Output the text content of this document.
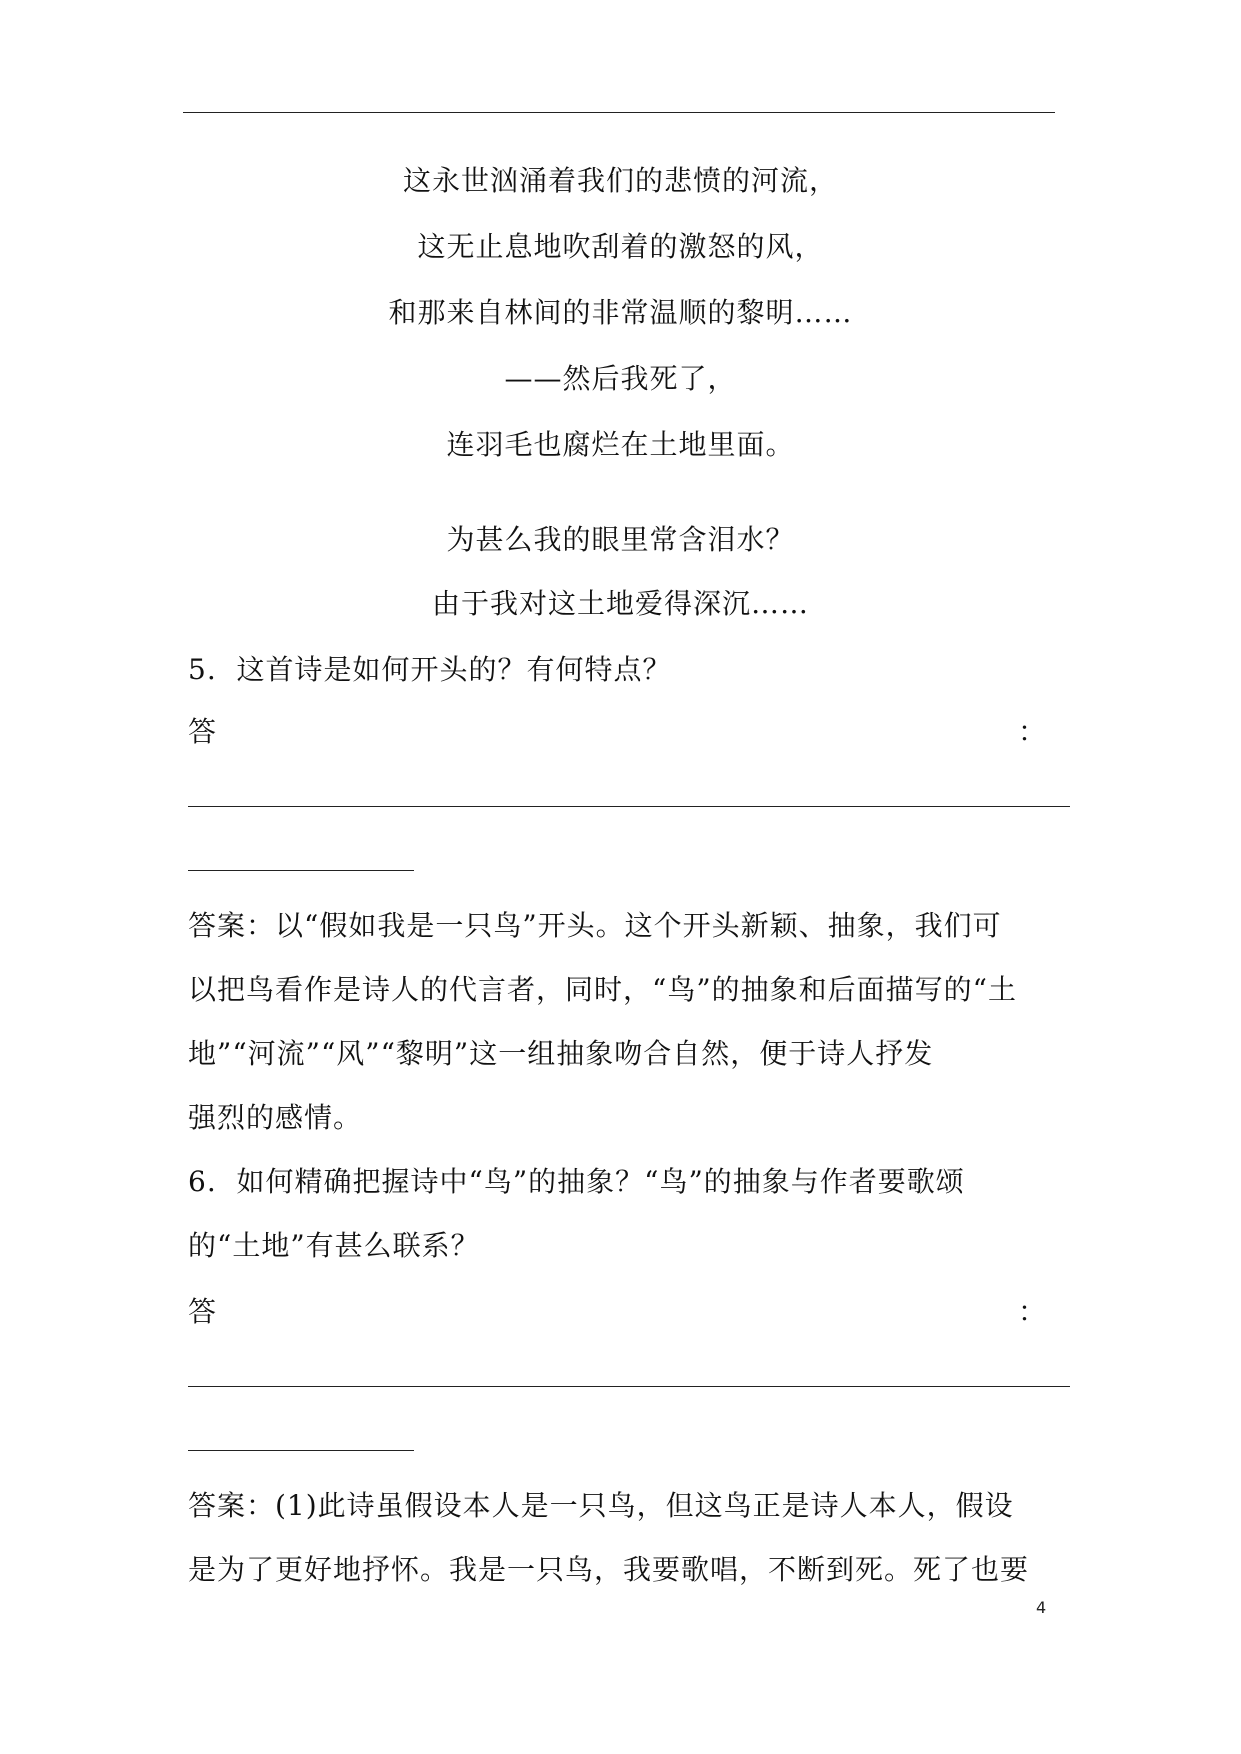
这永世汹涌着我们的悲愤的河流，
这无止息地吹刮着的激怒的风，
和那来自林间的非常温顺的黎明……
——然后我死了，
连羽毛也腐烂在土地里面。
为甚么我的眼里常含泪水？
由于我对这土地爱得深沉……
5. 这首诗是如何开头的？有何特点？
答	：
答案：以“假如我是一只鸟”开头。这个开头新颖、抽象，我们可
以把鸟看作是诗人的代言者，同时，“鸟”的抽象和后面描写的“土
地”“河流”“风”“黎明”这一组抽象吻合自然，便于诗人抒发
强烈的感情。
6. 如何精确把握诗中“鸟”的抽象？“鸟”的抽象与作者要歌颂
的“土地”有甚么联系？
答	：
答案：(1)此诗虽假设本人是一只鸟，但这鸟正是诗人本人，假设
是为了更好地抒怀。我是一只鸟，我要歌唱，不断到死。死了也要
4
